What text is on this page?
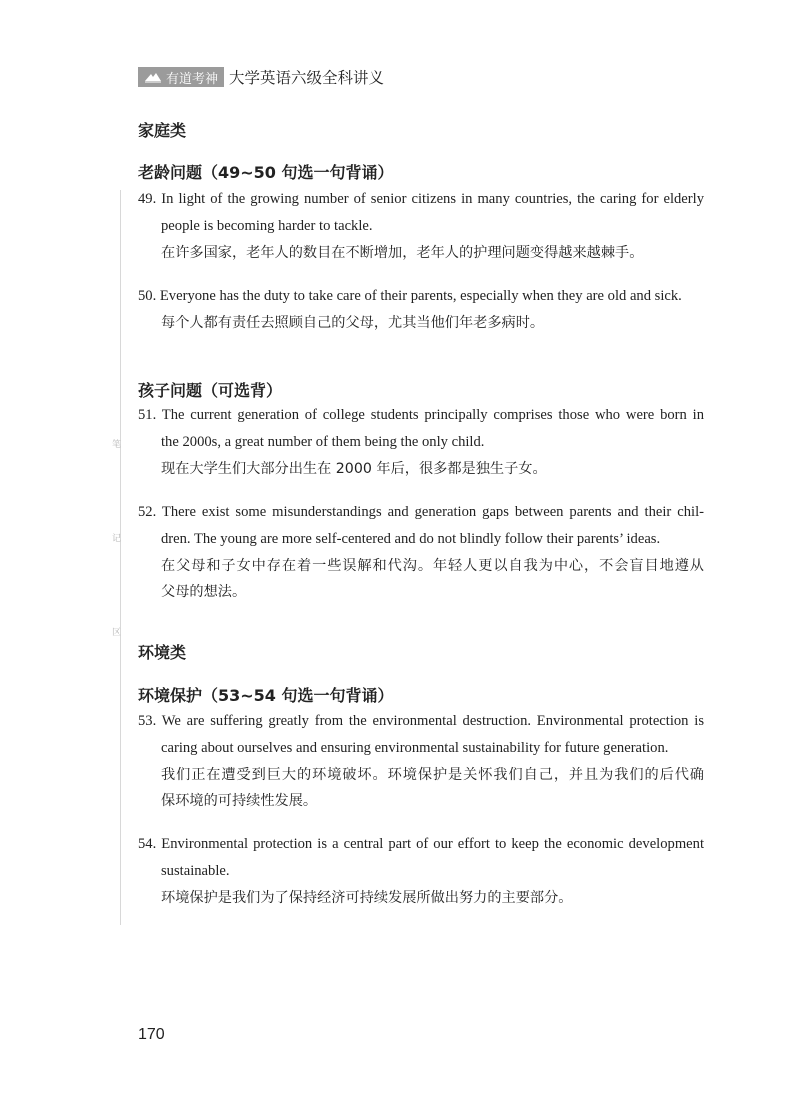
有道考神 大学英语六级全科讲义
笔
记
区
家庭类
老龄问题（49~50 句选一句背诵）
49. In light of the growing number of senior citizens in many countries, the caring for elderly
people is becoming harder to tackle.
在许多国家，老年人的数目在不断增加，老年人的护理问题变得越来越棘手。
50. Everyone has the duty to take care of their parents, especially when they are old and sick.
每个人都有责任去照顾自己的父母，尤其当他们年老多病时。
孩子问题（可选背）
51. The current generation of college students principally comprises those who were born in
the 2000s, a great number of them being the only child.
现在大学生们大部分出生在 2000 年后，很多都是独生子女。
52. There exist some misunderstandings and generation gaps between parents and their chil-
dren. The young are more self-centered and do not blindly follow their parents’ ideas.
在父母和子女中存在着一些误解和代沟。年轻人更以自我为中心，不会盲目地遵从
父母的想法。
环境类
环境保护（53~54 句选一句背诵）
53. We are suffering greatly from the environmental destruction. Environmental protection is
caring about ourselves and ensuring environmental sustainability for future generation.
我们正在遭受到巨大的环境破坏。环境保护是关怀我们自己，并且为我们的后代确
保环境的可持续性发展。
54. Environmental protection is a central part of our effort to keep the economic development
sustainable.
环境保护是我们为了保持经济可持续发展所做出努力的主要部分。
170
